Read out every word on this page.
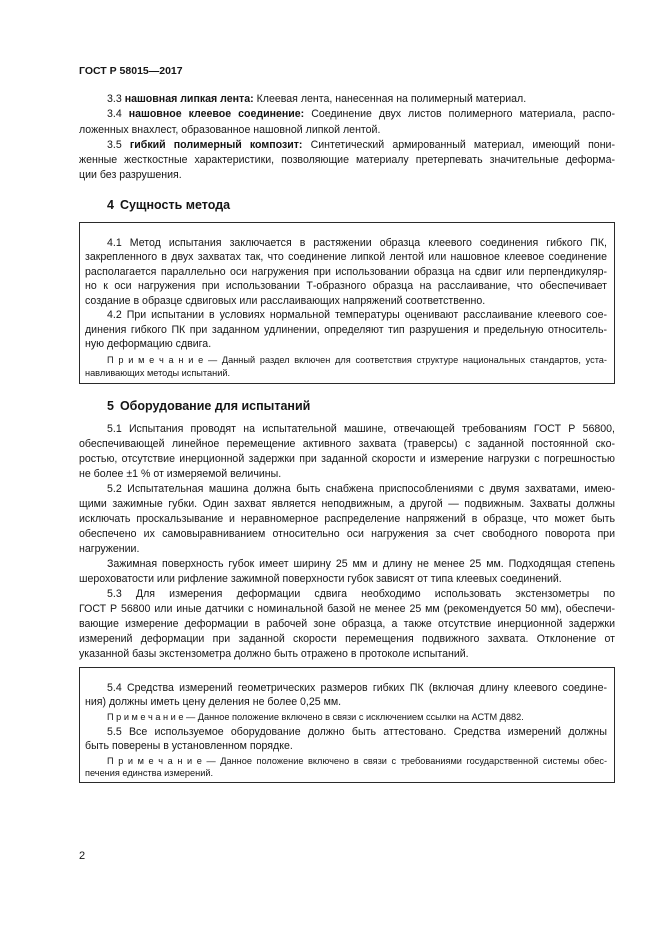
ГОСТ Р 58015—2017
3.3 нашовная липкая лента: Клеевая лента, нанесенная на полимерный материал.
3.4 нашовное клеевое соединение: Соединение двух листов полимерного материала, распо-
ложенных внахлест, образованное нашовной липкой лентой.
3.5 гибкий полимерный композит: Синтетический армированный материал, имеющий пони-
женные жесткостные характеристики, позволяющие материалу претерпевать значительные деформа-
ции без разрушения.
4 Сущность метода
4.1 Метод испытания заключается в растяжении образца клеевого соединения гибкого ПК,
закрепленного в двух захватах так, что соединение липкой лентой или нашовное клеевое соединение
располагается параллельно оси нагружения при использовании образца на сдвиг или перпендикуляр-
но к оси нагружения при использовании Т-образного образца на расслаивание, что обеспечивает
создание в образце сдвиговых или расслаивающих напряжений соответственно.
4.2 При испытании в условиях нормальной температуры оценивают расслаивание клеевого сое-
динения гибкого ПК при заданном удлинении, определяют тип разрушения и предельную относитель-
ную деформацию сдвига.
П р и м е ч а н и е — Данный раздел включен для соответствия структуре национальных стандартов, уста-
навливающих методы испытаний.
5 Оборудование для испытаний
5.1 Испытания проводят на испытательной машине, отвечающей требованиям ГОСТ Р 56800,
обеспечивающей линейное перемещение активного захвата (траверсы) с заданной постоянной ско-
ростью, отсутствие инерционной задержки при заданной скорости и измерение нагрузки с погрешностью
не более ±1 % от измеряемой величины.
5.2 Испытательная машина должна быть снабжена приспособлениями с двумя захватами, имею-
щими зажимные губки. Один захват является неподвижным, а другой — подвижным. Захваты должны
исключать проскальзывание и неравномерное распределение напряжений в образце, что может быть
обеспечено их самовыравниванием относительно оси нагружения за счет свободного поворота при
нагружении.
Зажимная поверхность губок имеет ширину 25 мм и длину не менее 25 мм. Подходящая степень
шероховатости или рифление зажимной поверхности губок зависят от типа клеевых соединений.
5.3 Для измерения деформации сдвига необходимо использовать экстензометры по
ГОСТ Р 56800 или иные датчики с номинальной базой не менее 25 мм (рекомендуется 50 мм), обеспечи-
вающие измерение деформации в рабочей зоне образца, а также отсутствие инерционной задержки
измерений деформации при заданной скорости перемещения подвижного захвата. Отклонение от
указанной базы экстензометра должно быть отражено в протоколе испытаний.
5.4 Средства измерений геометрических размеров гибких ПК (включая длину клеевого соедине-
ния) должны иметь цену деления не более 0,25 мм.
П р и м е ч а н и е — Данное положение включено в связи с исключением ссылки на АСТМ Д882.
5.5 Все используемое оборудование должно быть аттестовано. Средства измерений должны
быть поверены в установленном порядке.
П р и м е ч а н и е — Данное положение включено в связи с требованиями государственной системы обес-
печения единства измерений.
2
